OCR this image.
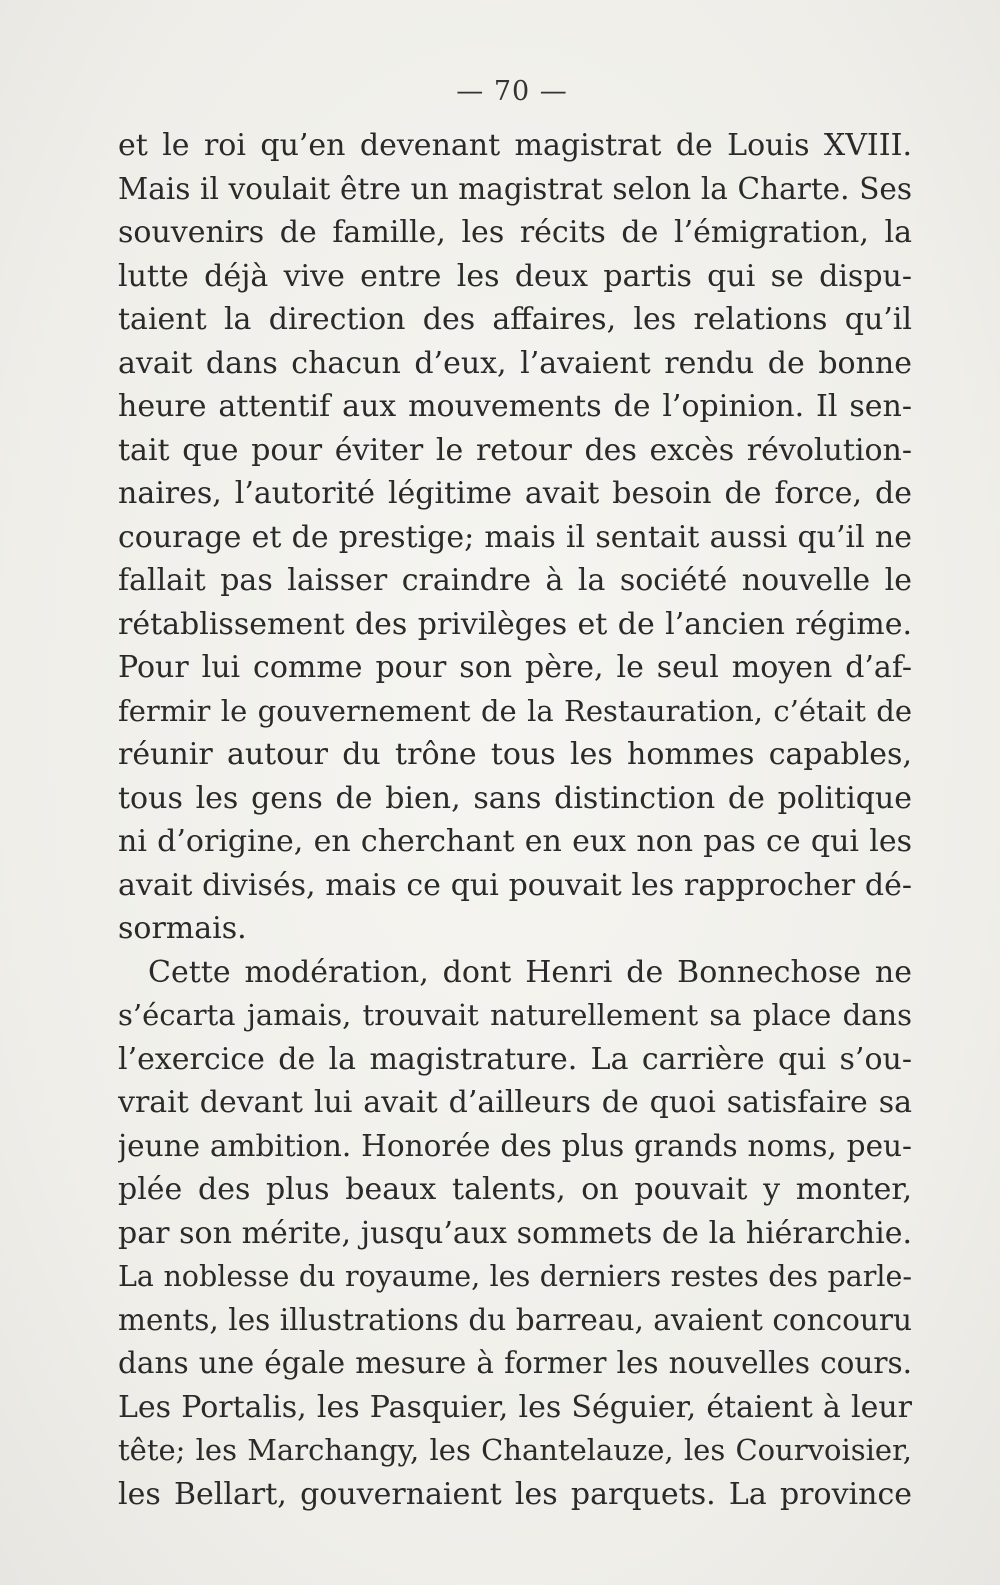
— 70 —
et le roi qu’en devenant magistrat de Louis XVIII.
Mais il voulait être un magistrat selon la Charte. Ses
souvenirs de famille, les récits de l’émigration, la
lutte déjà vive entre les deux partis qui se dispu-
taient la direction des affaires, les relations qu’il
avait dans chacun d’eux, l’avaient rendu de bonne
heure attentif aux mouvements de l’opinion. Il sen-
tait que pour éviter le retour des excès révolution-
naires, l’autorité légitime avait besoin de force, de
courage et de prestige; mais il sentait aussi qu’il ne
fallait pas laisser craindre à la société nouvelle le
rétablissement des privilèges et de l’ancien régime.
Pour lui comme pour son père, le seul moyen d’af-
fermir le gouvernement de la Restauration, c’était de
réunir autour du trône tous les hommes capables,
tous les gens de bien, sans distinction de politique
ni d’origine, en cherchant en eux non pas ce qui les
avait divisés, mais ce qui pouvait les rapprocher dé-
sormais.
Cette modération, dont Henri de Bonnechose ne
s’écarta jamais, trouvait naturellement sa place dans
l’exercice de la magistrature. La carrière qui s’ou-
vrait devant lui avait d’ailleurs de quoi satisfaire sa
jeune ambition. Honorée des plus grands noms, peu-
plée des plus beaux talents, on pouvait y monter,
par son mérite, jusqu’aux sommets de la hiérarchie.
La noblesse du royaume, les derniers restes des parle-
ments, les illustrations du barreau, avaient concouru
dans une égale mesure à former les nouvelles cours.
Les Portalis, les Pasquier, les Séguier, étaient à leur
tête; les Marchangy, les Chantelauze, les Courvoisier,
les Bellart, gouvernaient les parquets. La province
